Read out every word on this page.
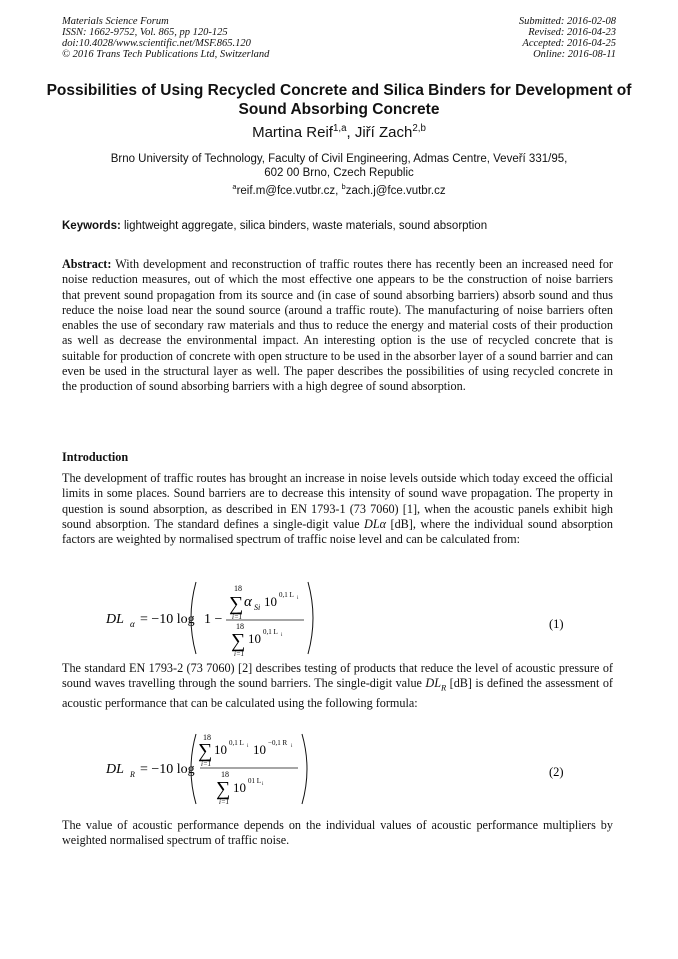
Materials Science Forum
ISSN: 1662-9752, Vol. 865, pp 120-125
doi:10.4028/www.scientific.net/MSF.865.120
© 2016 Trans Tech Publications Ltd, Switzerland
Submitted: 2016-02-08
Revised: 2016-04-23
Accepted: 2016-04-25
Online: 2016-08-11
Possibilities of Using Recycled Concrete and Silica Binders for Development of Sound Absorbing Concrete
Martina Reif$^{1,a}$, Jiří Zach$^{2,b}$
Brno University of Technology, Faculty of Civil Engineering, Admas Centre, Veveří 331/95,
602 00 Brno, Czech Republic
$^a$reif.m@fce.vutbr.cz, $^b$zach.j@fce.vutbr.cz
Keywords: lightweight aggregate, silica binders, waste materials, sound absorption
Abstract: With development and reconstruction of traffic routes there has recently been an increased need for noise reduction measures, out of which the most effective one appears to be the construction of noise barriers that prevent sound propagation from its source and (in case of sound absorbing barriers) absorb sound and thus reduce the noise load near the sound source (around a traffic route). The manufacturing of noise barriers often enables the use of secondary raw materials and thus to reduce the energy and material costs of their production as well as decrease the environmental impact. An interesting option is the use of recycled concrete that is suitable for production of concrete with open structure to be used in the absorber layer of a sound barrier and can even be used in the structural layer as well. The paper describes the possibilities of using recycled concrete in the production of sound absorbing barriers with a high degree of sound absorption.
Introduction
The development of traffic routes has brought an increase in noise levels outside which today exceed the official limits in some places. Sound barriers are to decrease this intensity of sound wave propagation. The property in question is sound absorption, as described in EN 1793-1 (73 7060) [1], when the acoustic panels exhibit high sound absorption. The standard defines a single-digit value DLα [dB], where the individual sound absorption factors are weighted by normalised spectrum of traffic noise level and can be calculated from:
DL α = −10 log 1 −
18
∑
i=1
α Si 10 0,1 L i
18
∑
i=1
10 0,1 L i
(1)
The standard EN 1793-2 (73 7060) [2] describes testing of products that reduce the level of acoustic pressure of sound waves travelling through the sound barriers. The single-digit value $DL_R$ [dB] is defined the assessment of acoustic performance that can be calculated using the following formula:
DL R = −10 log
18
∑
i=1
10 0,1 L i 10 −0,1 R i
18
∑
i=1
10 01 L i
(2)
The value of acoustic performance depends on the individual values of acoustic performance multipliers by weighted normalised spectrum of traffic noise.
